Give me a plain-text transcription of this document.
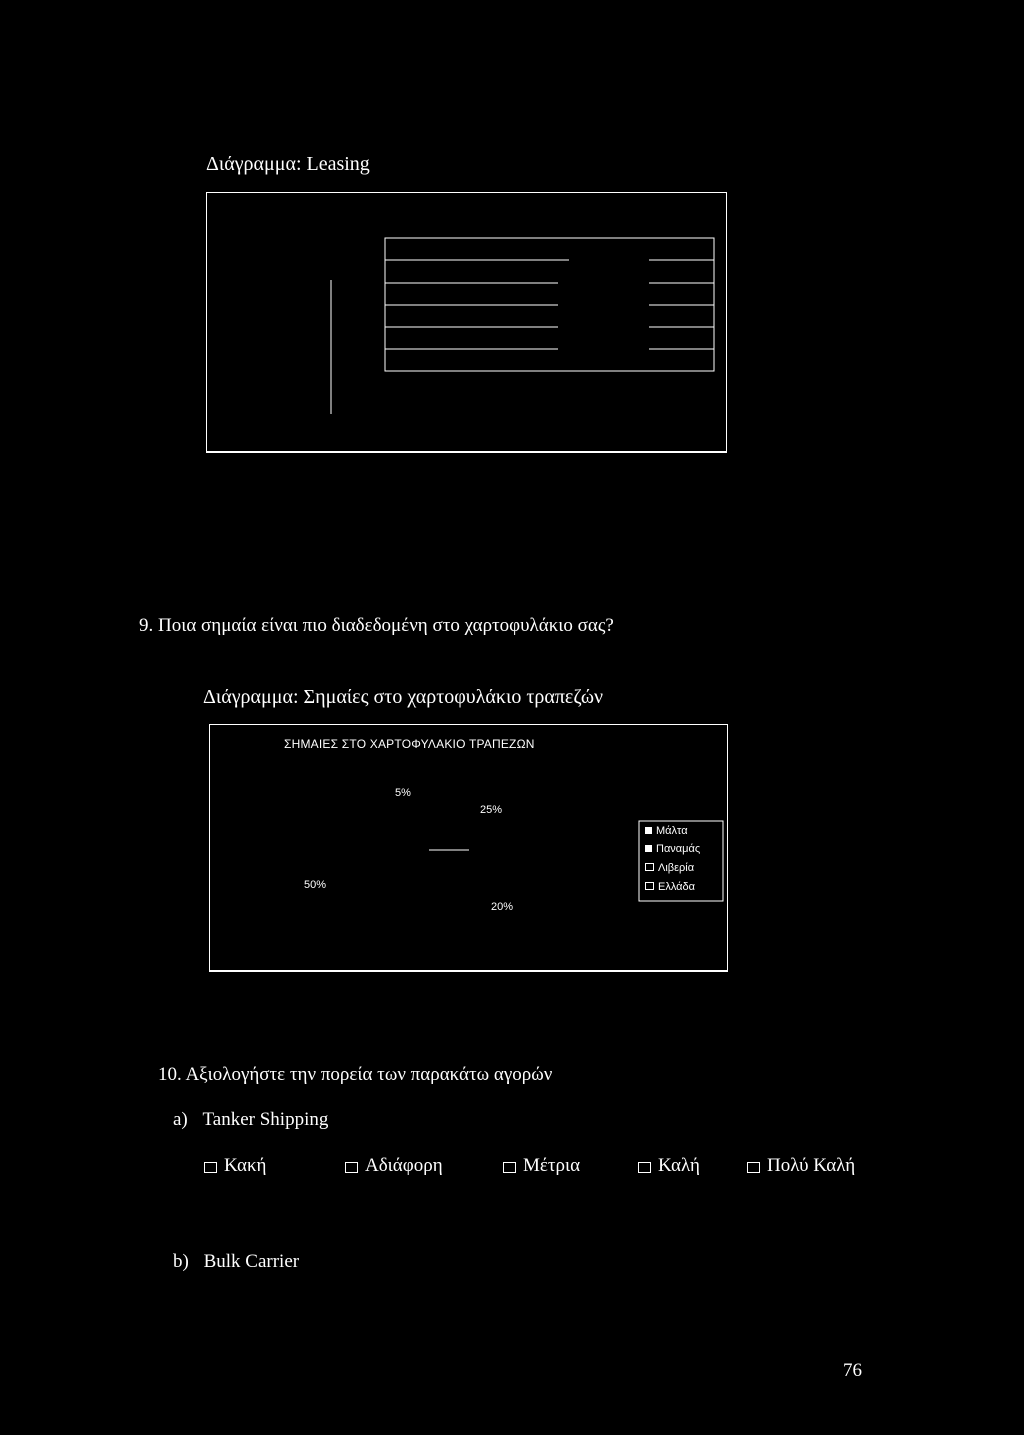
Διάγραμμα: Leasing
9. Ποια σημαία είναι πιο διαδεδομένη στο χαρτοφυλάκιο σας?
Διάγραμμα: Σημαίες στο χαρτοφυλάκιο τραπεζών
ΣΗΜΑΙΕΣ ΣΤΟ ΧΑΡΤΟΦΥΛΑΚΙΟ ΤΡΑΠΕΖΩΝ
5%
25%
50%
20%
Μάλτα
Παναμάς
Λιβερία
Ελλάδα
10. Αξιολογήστε την πορεία των παρακάτω αγορών
a) Tanker Shipping
Κακή	Αδιάφορη	Μέτρια	Καλή	Πολύ Καλή
b) Bulk Carrier
76
